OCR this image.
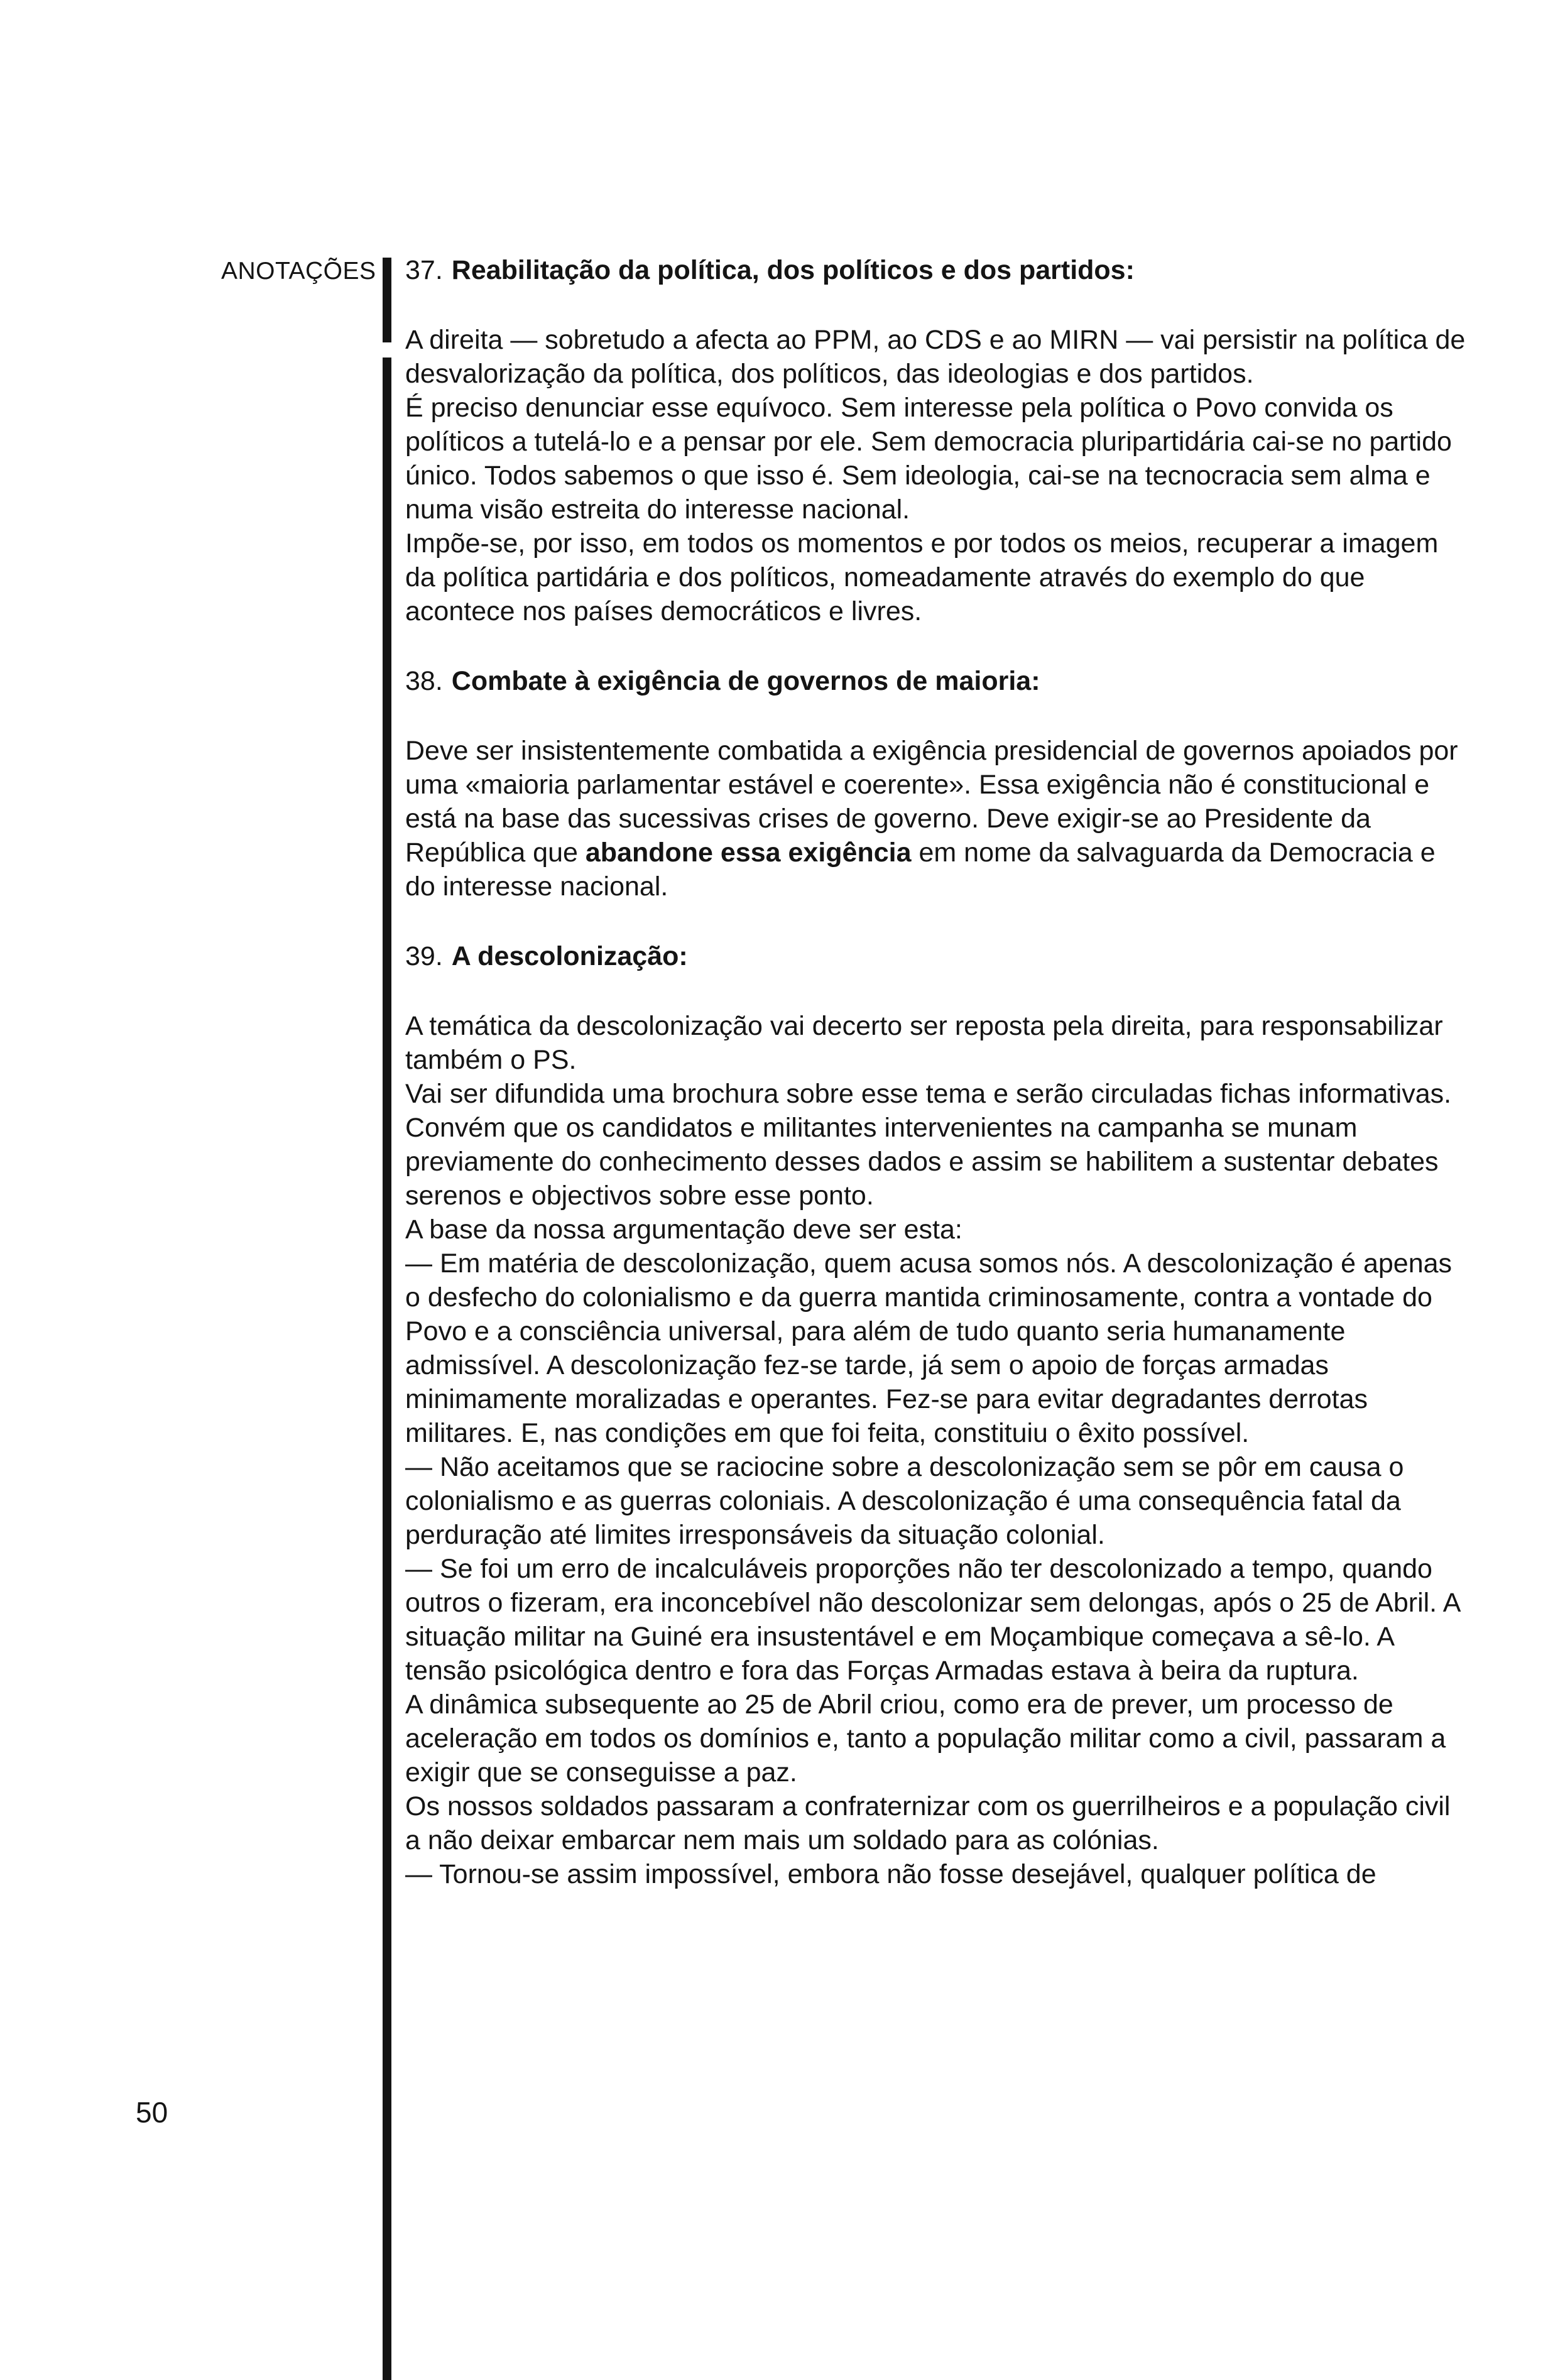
ANOTAÇÕES 37. Reabilitação da política, dos políticos e dos partidos:

A direita — sobretudo a afecta ao PPM, ao CDS e ao MIRN — vai persistir na política de desvalorização da política, dos políticos, das ideologias e dos partidos.

É preciso denunciar esse equívoco. Sem interesse pela política o Povo convida os políticos a tutelá-lo e a pensar por ele. Sem democracia pluripartidária cai-se no partido único. Todos sabemos o que isso é. Sem ideologia, cai-se na tecnocracia sem alma e numa visão estreita do interesse nacional.

Impõe-se, por isso, em todos os momentos e por todos os meios, recuperar a imagem da política partidária e dos políticos, nomeadamente através do exemplo do que acontece nos países democráticos e livres.

38. Combate à exigência de governos de maioria:

Deve ser insistentemente combatida a exigência presidencial de governos apoiados por uma «maioria parlamentar estável e coerente». Essa exigência não é constitucional e está na base das sucessivas crises de governo. Deve exigir-se ao Presidente da República que abandone essa exigência em nome da salvaguarda da Democracia e do interesse nacional.

39. A descolonização:

A temática da descolonização vai decerto ser reposta pela direita, para responsabilizar também o PS.

Vai ser difundida uma brochura sobre esse tema e serão circuladas fichas informativas.

Convém que os candidatos e militantes intervenientes na campanha se munam previamente do conhecimento desses dados e assim se habilitem a sustentar debates serenos e objectivos sobre esse ponto.

A base da nossa argumentação deve ser esta:

— Em matéria de descolonização, quem acusa somos nós. A descolonização é apenas o desfecho do colonialismo e da guerra mantida criminosamente, contra a vontade do Povo e a consciência universal, para além de tudo quanto seria humanamente admissível. A descolonização fez-se tarde, já sem o apoio de forças armadas minimamente moralizadas e operantes. Fez-se para evitar degradantes derrotas militares. E, nas condições em que foi feita, constituiu o êxito possível.

— Não aceitamos que se raciocine sobre a descolonização sem se pôr em causa o colonialismo e as guerras coloniais. A descolonização é uma consequência fatal da perduração até limites irresponsáveis da situação colonial.

— Se foi um erro de incalculáveis proporções não ter descolonizado a tempo, quando outros o fizeram, era inconcebível não descolonizar sem delongas, após o 25 de Abril. A situação militar na Guiné era insustentável e em Moçambique começava a sê-lo. A tensão psicológica dentro e fora das Forças Armadas estava à beira da ruptura.

A dinâmica subsequente ao 25 de Abril criou, como era de prever, um processo de aceleração em todos os domínios e, tanto a população militar como a civil, passaram a exigir que se conseguisse a paz.

Os nossos soldados passaram a confraternizar com os guerrilheiros e a população civil a não deixar embarcar nem mais um soldado para as colónias.

— Tornou-se assim impossível, embora não fosse desejável, qualquer política de

50
